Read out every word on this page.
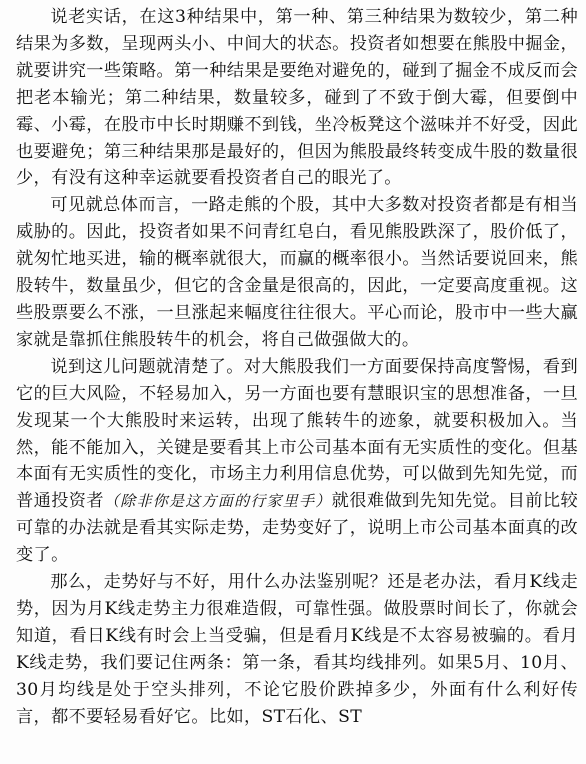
说老实话，在这3种结果中，第一种、第三种结果为数较少，第二种结果为多数，呈现两头小、中间大的状态。投资者如想要在熊股中掘金，就要讲究一些策略。第一种结果是要绝对避免的，碰到了掘金不成反而会把老本输光；第二种结果，数量较多，碰到了不致于倒大霉，但要倒中霉、小霉，在股市中长时期赚不到钱，坐冷板凳这个滋味并不好受，因此也要避免；第三种结果那是最好的，但因为熊股最终转变成牛股的数量很少，有没有这种幸运就要看投资者自己的眼光了。

可见就总体而言，一路走熊的个股，其中大多数对投资者都是有相当威胁的。因此，投资者如果不问青红皂白，看见熊股跌深了，股价低了，就匆忙地买进，输的概率就很大，而赢的概率很小。当然话要说回来，熊股转牛，数量虽少，但它的含金量是很高的，因此，一定要高度重视。这些股票要么不涨，一旦涨起来幅度往往很大。平心而论，股市中一些大赢家就是靠抓住熊股转牛的机会，将自己做强做大的。

说到这儿问题就清楚了。对大熊股我们一方面要保持高度警惕，看到它的巨大风险，不轻易加入，另一方面也要有慧眼识宝的思想准备，一旦发现某一个大熊股时来运转，出现了熊转牛的迹象，就要积极加入。当然，能不能加入，关键是要看其上市公司基本面有无实质性的变化。但基本面有无实质性的变化，市场主力利用信息优势，可以做到先知先觉，而普通投资者（除非你是这方面的行家里手）就很难做到先知先觉。目前比较可靠的办法就是看其实际走势，走势变好了，说明上市公司基本面真的改变了。

那么，走势好与不好，用什么办法鉴别呢？还是老办法，看月K线走势，因为月K线走势主力很难造假，可靠性强。做股票时间长了，你就会知道，看日K线有时会上当受骗，但是看月K线是不太容易被骗的。看月K线走势，我们要记住两条：第一条，看其均线排列。如果5月、10月、30月均线是处于空头排列，不论它股价跌掉多少，外面有什么利好传言，都不要轻易看好它。比如，ST石化、ST
